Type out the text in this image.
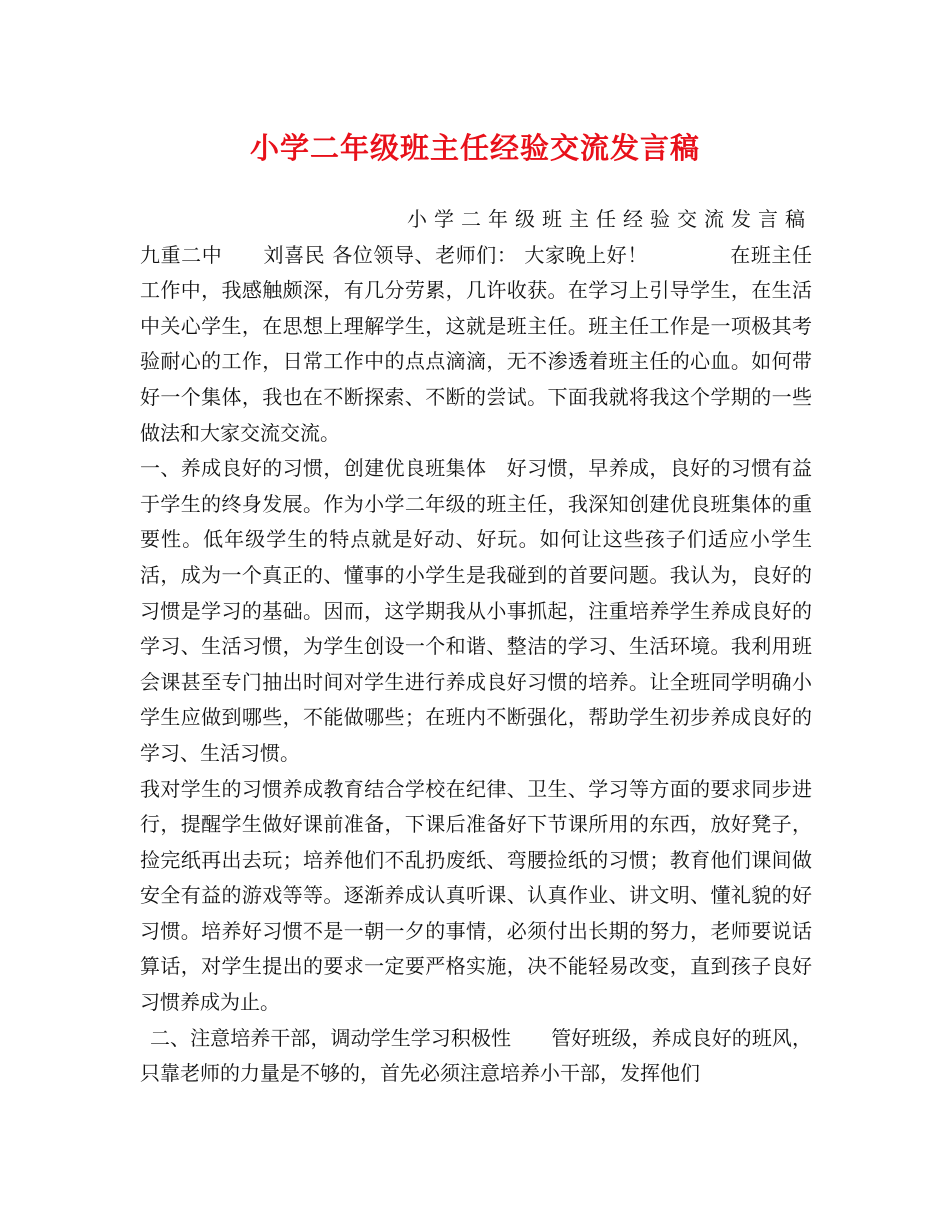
小学二年级班主任经验交流发言稿

小学二年级班主任经验交流发言稿

九重二中　　刘喜民 各位领导、老师们： 大家晚上好！　　　　在班主任工作中，我感触颇深，有几分劳累，几许收获。在学习上引导学生，在生活中关心学生，在思想上理解学生，这就是班主任。班主任工作是一项极其考验耐心的工作，日常工作中的点点滴滴，无不渗透着班主任的心血。如何带好一个集体，我也在不断探索、不断的尝试。下面我就将我这个学期的一些做法和大家交流交流。

一、养成良好的习惯，创建优良班集体　好习惯，早养成，良好的习惯有益于学生的终身发展。作为小学二年级的班主任，我深知创建优良班集体的重要性。低年级学生的特点就是好动、好玩。如何让这些孩子们适应小学生活，成为一个真正的、懂事的小学生是我碰到的首要问题。我认为，良好的习惯是学习的基础。因而，这学期我从小事抓起，注重培养学生养成良好的学习、生活习惯，为学生创设一个和谐、整洁的学习、生活环境。我利用班会课甚至专门抽出时间对学生进行养成良好习惯的培养。让全班同学明确小学生应做到哪些，不能做哪些；在班内不断强化，帮助学生初步养成良好的学习、生活习惯。

我对学生的习惯养成教育结合学校在纪律、卫生、学习等方面的要求同步进行，提醒学生做好课前准备，下课后准备好下节课所用的东西，放好凳子，捡完纸再出去玩；培养他们不乱扔废纸、弯腰捡纸的习惯；教育他们课间做安全有益的游戏等等。逐渐养成认真听课、认真作业、讲文明、懂礼貌的好习惯。培养好习惯不是一朝一夕的事情，必须付出长期的努力，老师要说话算话，对学生提出的要求一定要严格实施，决不能轻易改变，直到孩子良好习惯养成为止。

二、注意培养干部，调动学生学习积极性　　管好班级，养成良好的班风，只靠老师的力量是不够的，首先必须注意培养小干部，发挥他们
